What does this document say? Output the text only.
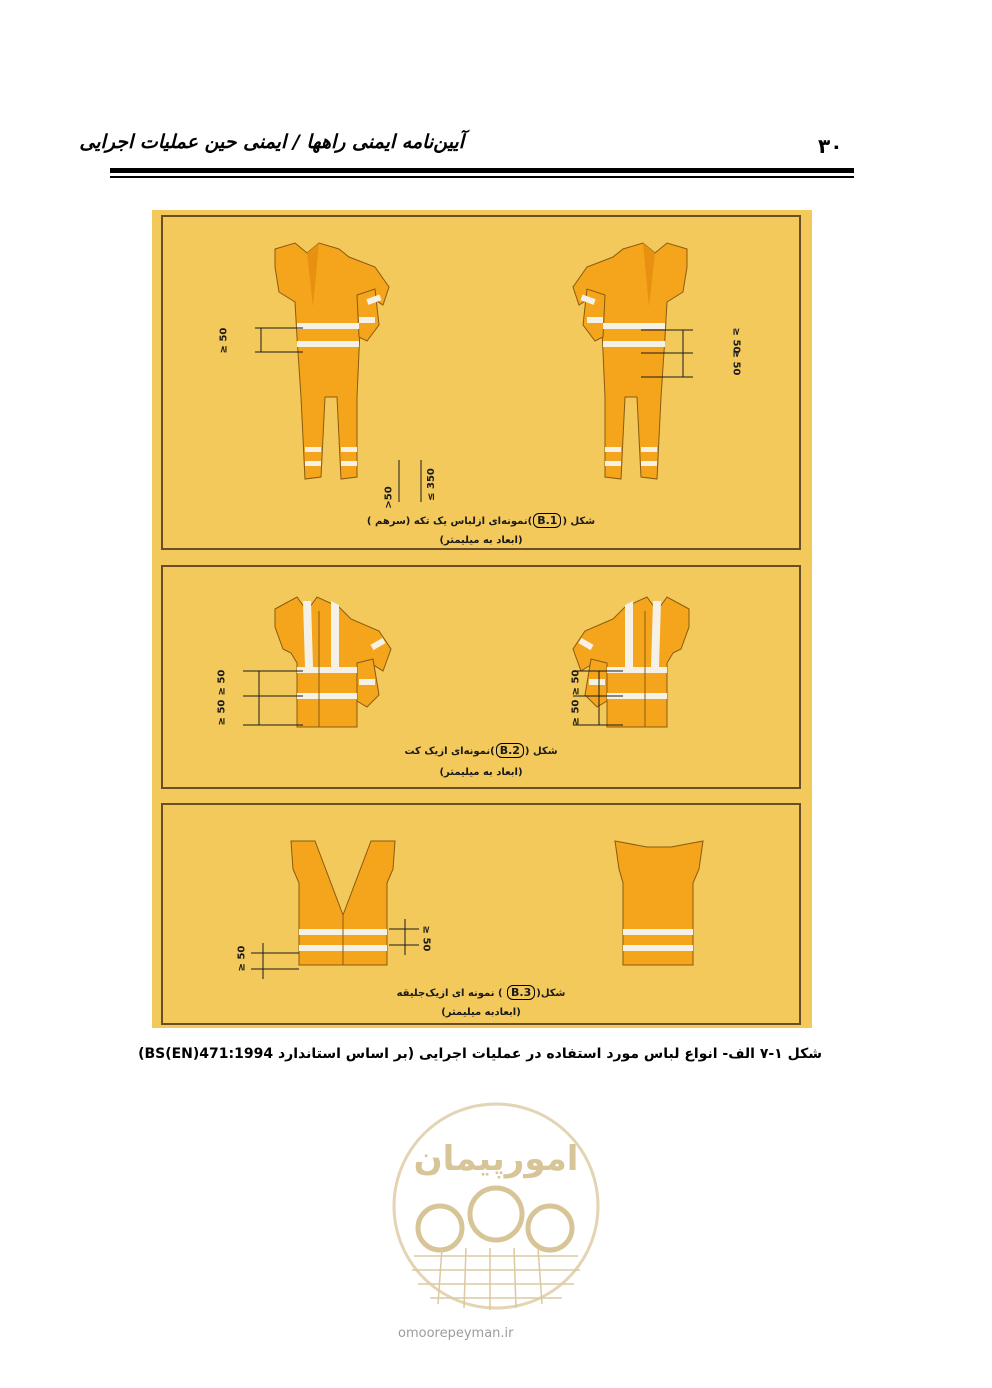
۳۰
آیین‌نامه ایمنی راهها / ایمنی حین عملیات اجرایی
≥ 50	≥ 50
≥ 50
>50	≤ 350
شکل (B.1)نمونه‌ای ازلباس یک تکه (سرهم )
(ابعاد به میلیمتر)
≥ 50
≥ 50
≥ 50
≥ 50
شکل (B.2)نمونه‌ای ازیک کت
(ابعاد به میلیمتر)
≥ 50
≥ 50
شکل(B.3 ) نمونه ای ازیک‌جلیقه
(ابعادبه میلیمتر)
شکل ۱-۷ الف- انواع لباس مورد استفاده در عملیات اجرایی (بر اساس استاندارد BS(EN)471:1994)
امورپیمان
omoorepeyman.ir
